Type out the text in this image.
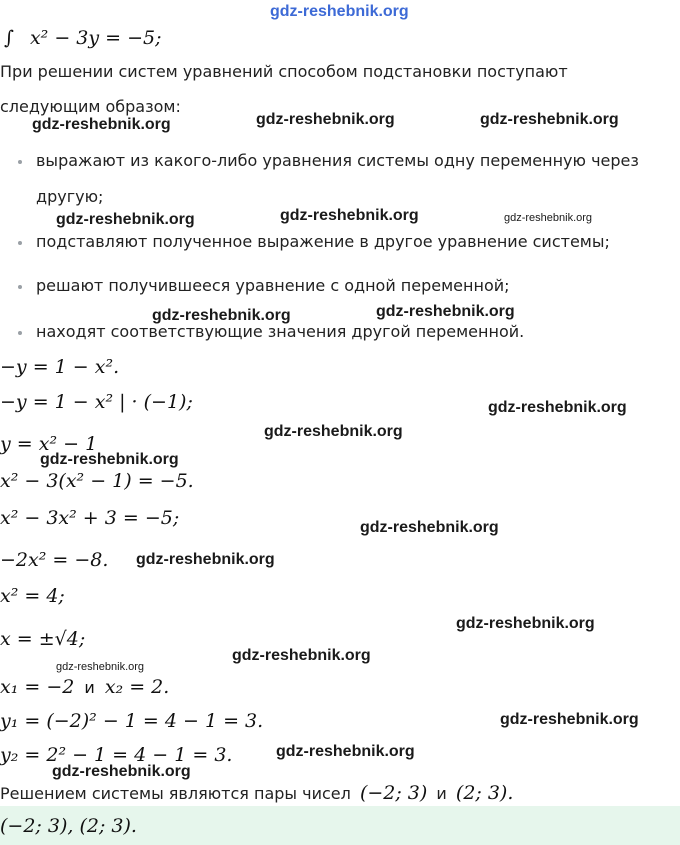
gdz-reshebnik.org
∫ x² − 3y = −5;
При решении систем уравнений способом подстановки поступают
следующим образом:
gdz-reshebnik.org	gdz-reshebnik.org	gdz-reshebnik.org
выражают из какого-либо уравнения системы одну переменную через
другую;
gdz-reshebnik.org	gdz-reshebnik.org	gdz-reshebnik.org
подставляют полученное выражение в другое уравнение системы;
решают получившееся уравнение с одной переменной;
gdz-reshebnik.org	gdz-reshebnik.org
находят соответствующие значения другой переменной.
−y = 1 − x².
−y = 1 − x² | · (−1);	gdz-reshebnik.org
gdz-reshebnik.org
y = x² − 1
gdz-reshebnik.org
x² − 3(x² − 1) = −5.
x² − 3x² + 3 = −5;	gdz-reshebnik.org
−2x² = −8. gdz-reshebnik.org
x² = 4;
gdz-reshebnik.org
x = ±√4;
gdz-reshebnik.org
gdz-reshebnik.org
x₁ = −2 и x₂ = 2.
y₁ = (−2)² − 1 = 4 − 1 = 3.	gdz-reshebnik.org
gdz-reshebnik.org
y₂ = 2² − 1 = 4 − 1 = 3.
gdz-reshebnik.org
Решением системы являются пары чисел (−2; 3) и (2; 3).
(−2; 3), (2; 3).
